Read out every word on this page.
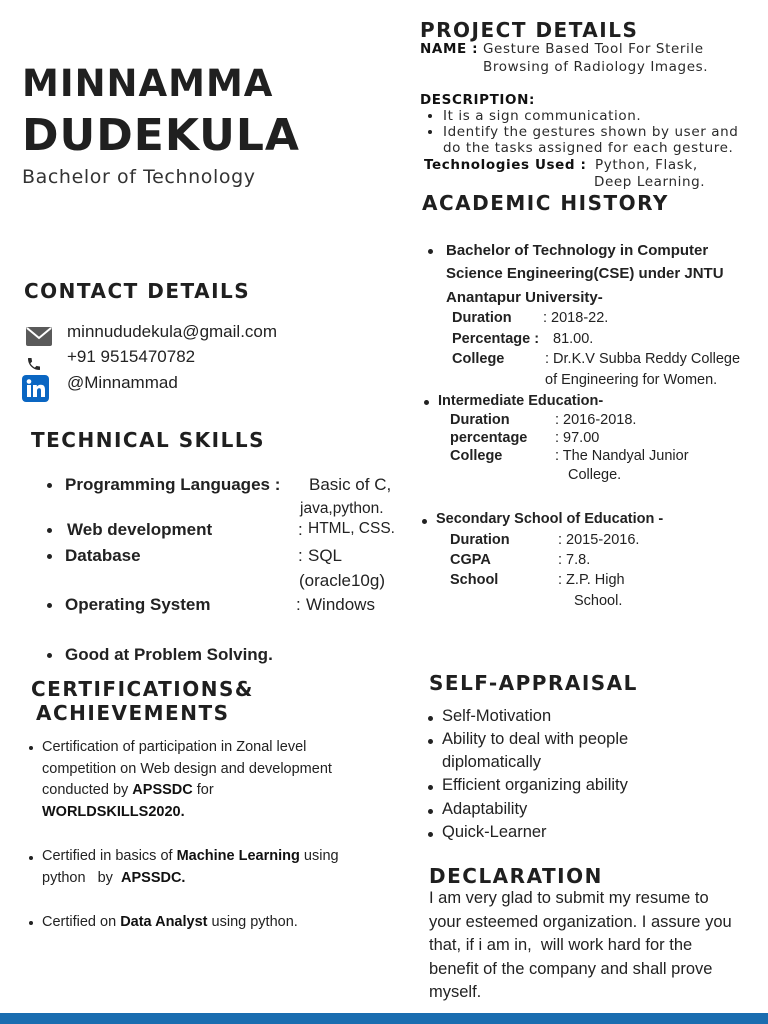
MINNAMMA
DUDEKULA
Bachelor of Technology
CONTACT DETAILS
minnududekula@gmail.com
+91 9515470782
@Minnammad
TECHNICAL SKILLS
Programming Languages : Basic of C,
java,python.
Web development	: HTML, CSS.
Database	: SQL
(oracle10g)
Operating System	: Windows
Good at Problem Solving.
CERTIFICATIONS&
ACHIEVEMENTS
Certification of participation in Zonal level
competition on Web design and development
conducted by APSSDC for
WORLDSKILLS2020.
Certified in basics of Machine Learning using
python   by  APSSDC.
Certified on Data Analyst using python.
PROJECT DETAILS
NAME : Gesture Based Tool For Sterile
Browsing of Radiology Images.
DESCRIPTION:
It is a sign communication.
Identify the gestures shown by user and
do the tasks assigned for each gesture.
Technologies Used : Python, Flask,
Deep Learning.
ACADEMIC HISTORY
Bachelor of Technology in Computer
Science Engineering(CSE) under JNTU
Anantapur University-
Duration : 2018-22.
Percentage : 81.00.
College	: Dr.K.V Subba Reddy College
of Engineering for Women.
Intermediate Education-
Duration	: 2016-2018.
percentage : 97.00
College	: The Nandyal Junior
College.
Secondary School of Education -
Duration	: 2015-2016.
CGPA	: 7.8.
School	: Z.P. High
School.
SELF-APPRAISAL
Self-Motivation
Ability to deal with people
diplomatically
Efficient organizing ability
Adaptability
Quick-Learner
DECLARATION
I am very glad to submit my resume to
your esteemed organization. I assure you
that, if i am in,  will work hard for the
benefit of the company and shall prove
myself.
